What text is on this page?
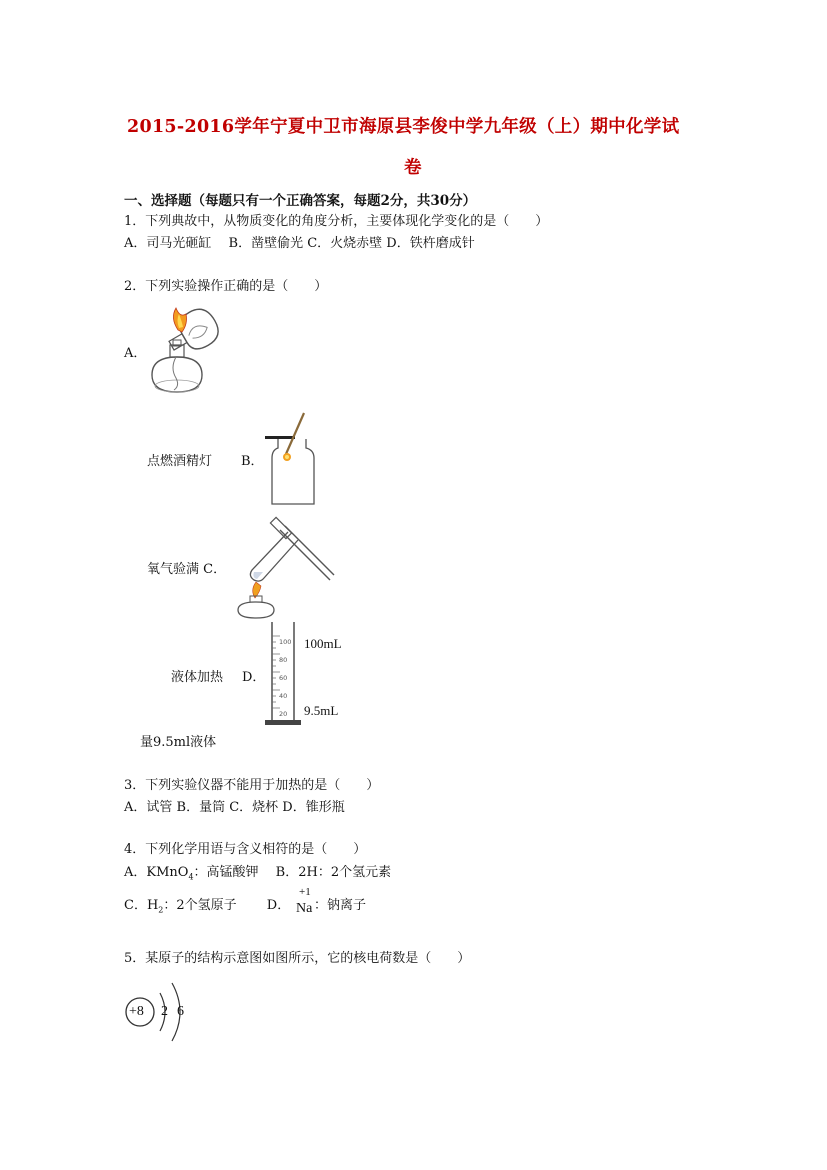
2015-2016学年宁夏中卫市海原县李俊中学九年级（上）期中化学试
卷
一、选择题（每题只有一个正确答案，每题2分，共30分）
1．下列典故中，从物质变化的角度分析，主要体现化学变化的是（　　）
A．司马光砸缸　 B．凿壁偷光 C．火烧赤壁 D．铁杵磨成针
2．下列实验操作正确的是（　　）
A．
点燃酒精灯 B．
氧气验满 C．
液体加热 D．
100
80
60
40
20
100mL
9.5mL
量9.5ml液体
3．下列实验仪器不能用于加热的是（　　）
A．试管 B．量筒 C．烧杯 D．锥形瓶
4．下列化学用语与含义相符的是（　　）
A．KMnO$_4$：高锰酸钾　 B．2H：2个氢元素
C．$H_2$：2个氢原子　　 D．
+1
Na ：钠离子
5．某原子的结构示意图如图所示，它的核电荷数是（　　）
+8 2 6
